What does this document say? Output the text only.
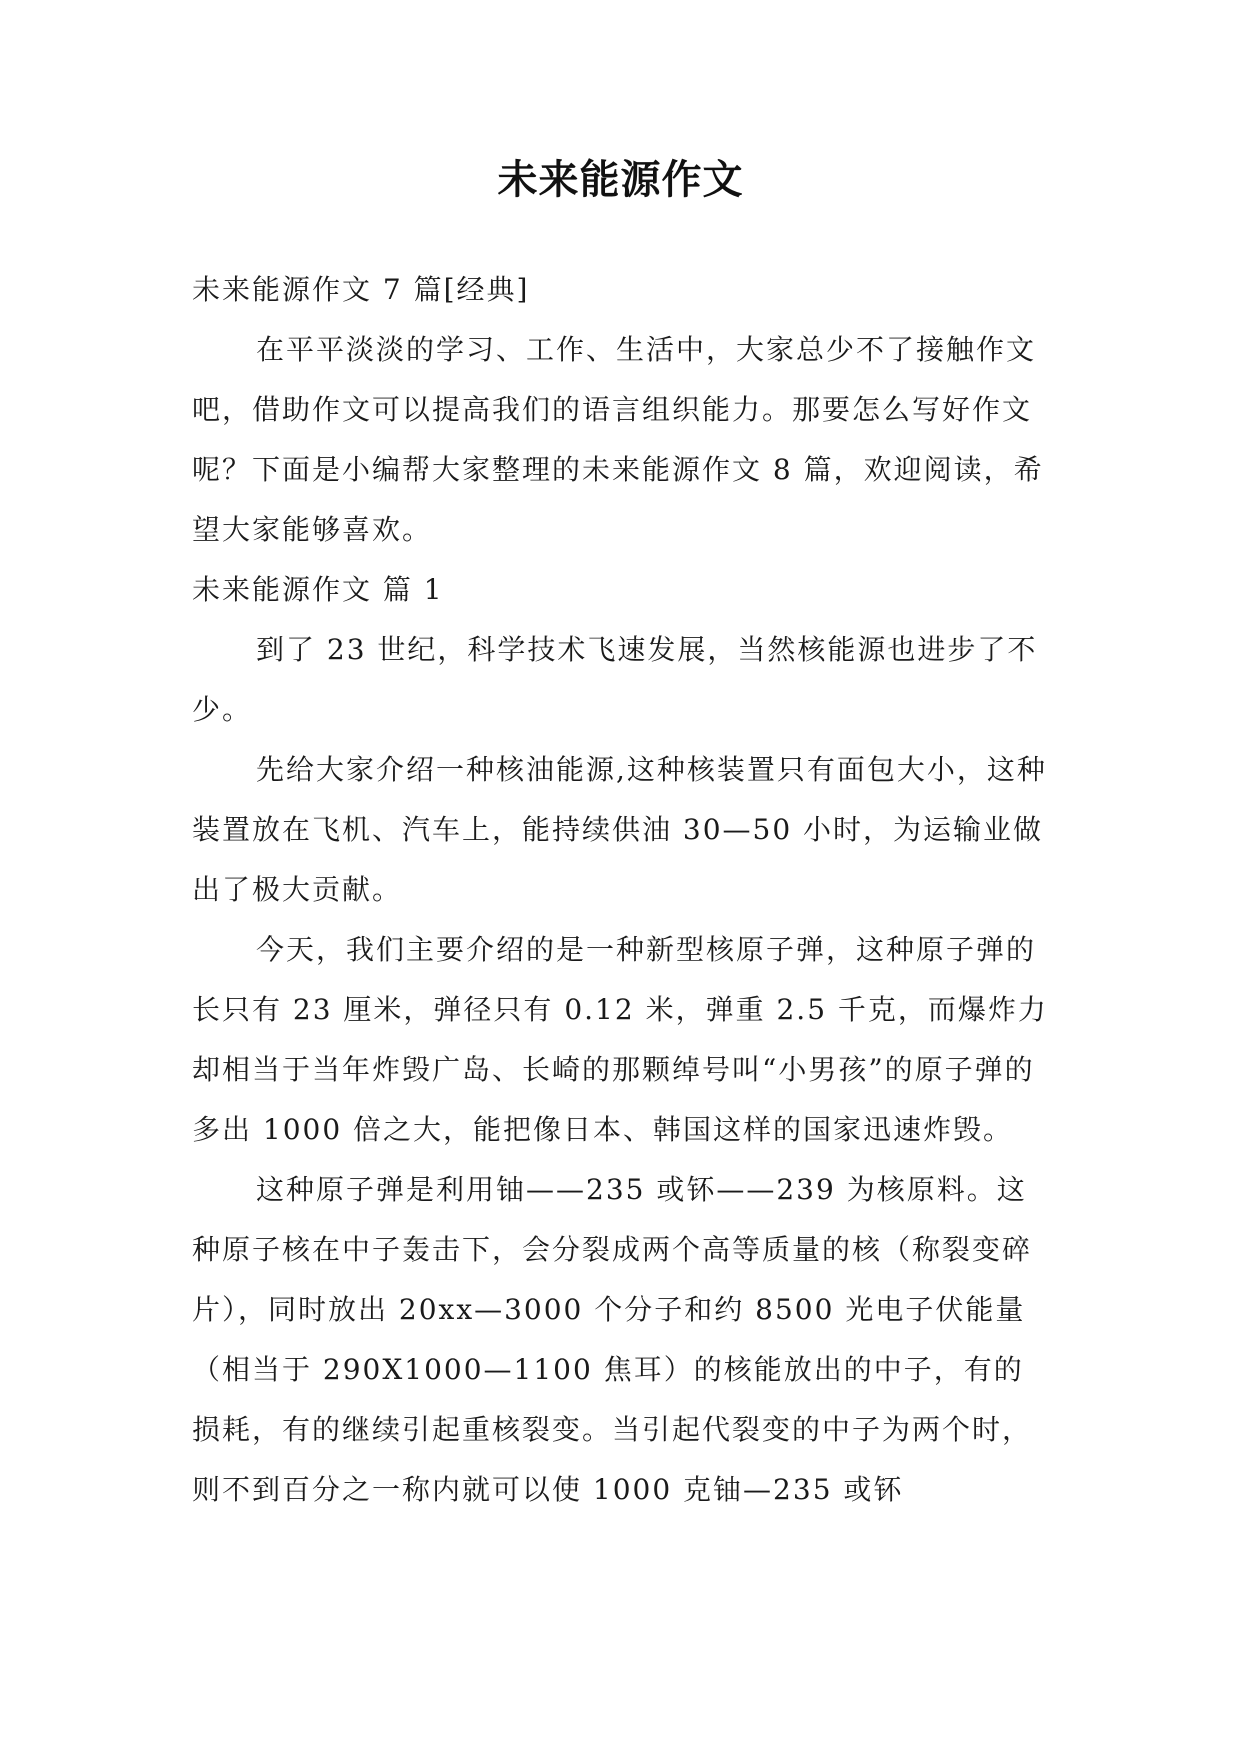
未来能源作文

未来能源作文 7 篇[经典]

在平平淡淡的学习、工作、生活中，大家总少不了接触作文吧，借助作文可以提高我们的语言组织能力。那要怎么写好作文呢？下面是小编帮大家整理的未来能源作文 8 篇，欢迎阅读，希望大家能够喜欢。

未来能源作文 篇 1

到了 23 世纪，科学技术飞速发展，当然核能源也进步了不少。

先给大家介绍一种核油能源,这种核装置只有面包大小，这种装置放在飞机、汽车上，能持续供油 30—50 小时，为运输业做出了极大贡献。

今天，我们主要介绍的是一种新型核原子弹，这种原子弹的长只有 23 厘米，弹径只有 0.12 米，弹重 2.5 千克，而爆炸力却相当于当年炸毁广岛、长崎的那颗绰号叫“小男孩”的原子弹的多出 1000 倍之大，能把像日本、韩国这样的国家迅速炸毁。

这种原子弹是利用铀——235 或钚——239 为核原料。这种原子核在中子轰击下，会分裂成两个高等质量的核（称裂变碎片），同时放出 20xx—3000 个分子和约 8500 光电子伏能量（相当于 290X1000—1100 焦耳）的核能放出的中子，有的损耗，有的继续引起重核裂变。当引起代裂变的中子为两个时，则不到百分之一称内就可以使 1000 克铀—235 或钚
